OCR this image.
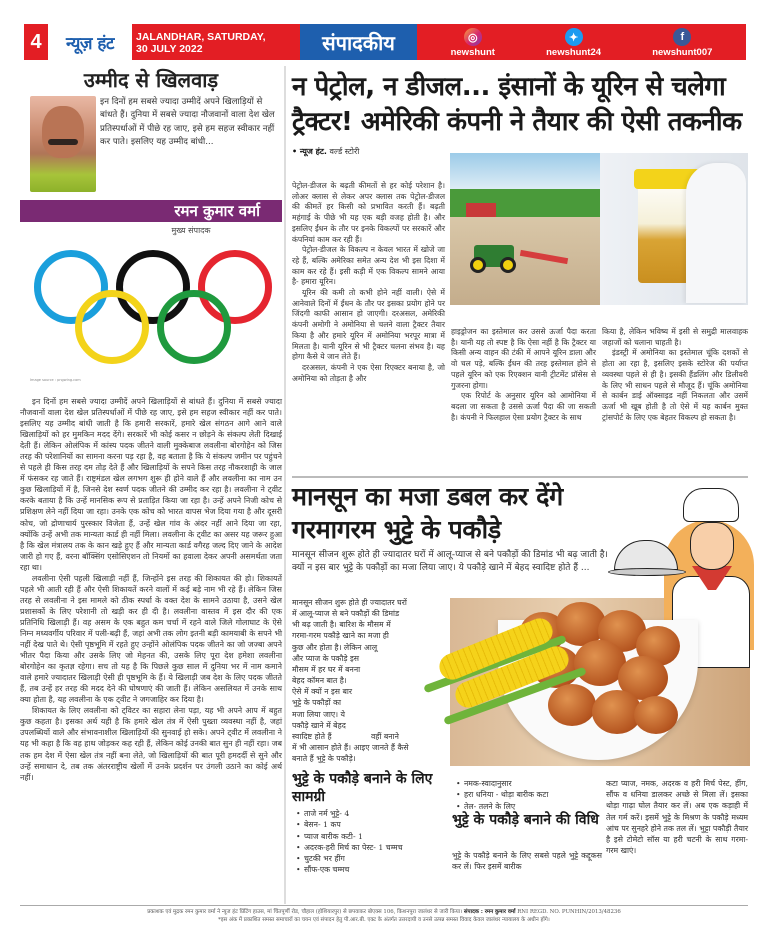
4	न्यूज़ हंट	JALANDHAR, SATURDAY,
30 JULY 2022	संपादकीय	◎
newshunt
✦
newshunt24
f
newshunt007
उम्मीद से खिलवाड़

इन दिनों हम सबसे ज्यादा उम्मीदें अपने खिलाड़ियों से बांधते हैं। दुनिया में सबसे ज्यादा नौजवानों वाला देश खेल प्रतिस्पर्धाओं में पीछे रह जाए, इसे हम सहज स्वीकार नहीं कर पाते। इसलिए यह उम्मीद बांधी...

रमन कुमार वर्मा
मुख्य संपादक
Image source : pngwing.com

इन दिनों हम सबसे ज्यादा उम्मीदें अपने खिलाड़ियों से बांधते हैं। दुनिया में सबसे ज्यादा नौजवानों वाला देश खेल प्रतिस्पर्धाओं में पीछे रह जाए, इसे हम सहज स्वीकार नहीं कर पाते। इसलिए यह उम्मीद बांधी जाती है कि हमारी सरकारें, हमारे खेल संगठन आगे आने वाले खिलाड़ियों को हर मुमकिन मदद देंगे। सरकारें भी कोई कसर न छोड़ने के संकल्प लेती दिखाई देती हैं। लेकिन ओलंपिक में कांस्य पदक जीतने वाली मुक्केबाज लवलीना बोरगोहेन को जिस तरह की परेशानियों का सामना करना पड़ रहा है, वह बताता है कि ये संकल्प जमीन पर पहुंचने से पहले ही किस तरह दम तोड़ देते हैं और खिलाड़ियों के सपने किस तरह नौकरशाही के जाल में फंसकर रह जाते हैं। राष्ट्रमंडल खेल लगभग शुरू ही होने वाले हैं और लवलीना का नाम उन कुछ खिलाड़ियों में है, जिनसे देश स्वर्ण पदक जीतने की उम्मीद कर रहा है। लवलीना ने ट्वीट करके बताया है कि उन्हें मानसिक रूप से प्रताड़ित किया जा रहा है। उन्हें अपने निजी कोच से प्रशिक्षण लेने नहीं दिया जा रहा। उनके एक कोच को भारत वापस भेज दिया गया है और दूसरी कोच, जो द्रोणाचार्य पुरस्कार विजेता हैं, उन्हें खेल गांव के अंदर नहीं आने दिया जा रहा, क्योंकि उन्हें अभी तक मान्यता कार्ड ही नहीं मिला। लवलीना के ट्वीट का असर यह जरूर हुआ है कि खेल मंत्रालय तक के कान खड़े हुए हैं और मान्यता कार्ड वगैरह जल्द दिए जाने के आदेश जारी हो गए हैं, वरना बॉक्सिंग एसोसिएशन तो नियमों का हवाला देकर अपनी असमर्थता जता रहा था।

लवलीना ऐसी पहली खिलाड़ी नहीं हैं, जिन्होंने इस तरह की शिकायत की हो। शिकायतें पहले भी आती रही हैं और ऐसी शिकायतें करने वालों में कई बड़े नाम भी रहे हैं। लेकिन जिस तरह से लवलीना ने इस मामले को ठीक स्पर्धा के वक्त देश के सामने उठाया है, उसने खेल प्रशासकों के लिए परेशानी तो खड़ी कर ही दी है। लवलीना वास्तव में इस दौर की एक प्रतिनिधि खिलाड़ी हैं। वह असम के एक बहुत कम चर्चा में रहने वाले जिले गोलाघाट के ऐसे निम्न मध्यवर्गीय परिवार में पली-बढ़ी हैं, जहां अभी तक लोग इतनी बड़ी कामयाबी के सपने भी नहीं देख पाते थे। ऐसी पृष्ठभूमि में रहते हुए उन्होंने ओलंपिक पदक जीतने का जो जज्बा अपने भीतर पैदा किया और उसके लिए जो मेहनत की, उसके लिए पूरा देश हमेशा लवलीना बोरगोहेन का कृतज्ञ रहेगा। सच तो यह है कि पिछले कुछ साल में दुनिया भर में नाम कमाने वाले हमारे ज्यादातर खिलाड़ी ऐसी ही पृष्ठभूमि के हैं। ये खिलाड़ी जब देश के लिए पदक जीतते हैं, तब उन्हें हर तरह की मदद देने की घोषणाएं की जाती हैं। लेकिन असलियत में उनके साथ क्या होता है, यह लवलीना के एक ट्वीट ने जगजाहिर कर दिया है।

शिकायत के लिए लवलीना को ट्विटर का सहारा लेना पड़ा, यह भी अपने आप में बहुत कुछ कहता है। इसका अर्थ यही है कि हमारे खेल तंत्र में ऐसी पुख्ता व्यवस्था नहीं है, जहां उपलब्धियों वाले और संभावनाशील खिलाड़ियों की सुनवाई हो सके। अपने ट्वीट में लवलीना ने यह भी कहा है कि वह हाथ जोड़कर कह रही हैं, लेकिन कोई उनकी बात सुन ही नहीं रहा। जब तक हम देश में ऐसा खेल तंत्र नहीं बना लेते, जो खिलाड़ियों की बात पूरी हमदर्दी से सुने और उन्हें समाधान दे, तब तक अंतरराष्ट्रीय खेलों में उनके प्रदर्शन पर उंगली उठाने का कोई अर्थ नहीं।

न पेट्रोल, न डीजल... इंसानों के यूरिन से चलेगा ट्रैक्टर! अमेरिकी कंपनी ने तैयार की ऐसी तकनीक
• न्यूज हंट. वर्ल्ड स्टोरी

पेट्रोल-डीजल के बढ़ती कीमतों से हर कोई परेशान है। लोअर क्लास से लेकर अपर क्लास तक पेट्रोल-डीजल की कीमतें हर किसी को प्रभावित करती हैं। बढ़ती महंगाई के पीछे भी यह एक बड़ी वजह होती है। और इसलिए ईंधन के तौर पर इनके विकल्पों पर सरकारें और कंपनियां काम कर रही हैं।

पेट्रोल-डीजल के विकल्प न केवल भारत में खोजे जा रहे हैं, बल्कि अमेरिका समेत अन्य देश भी इस दिशा में काम कर रहे हैं। इसी कड़ी में एक विकल्प सामने आया है- हमारा यूरिन।

यूरिन की कमी तो कभी होने नहीं वाली। ऐसे में आनेवाले दिनों में ईंधन के तौर पर इसका प्रयोग होने पर जिंदगी काफी आसान हो जाएगी। दरअसल, अमेरिकी कंपनी अमोगी ने अमोनिया से चलने वाला ट्रैक्टर तैयार किया है और हमारे यूरिन में अमोनिया भरपूर मात्रा में मिलता है। यानी यूरिन से भी ट्रैक्टर चलना संभव है। यह होगा कैसे ये जान लेते हैं।

दरअसल, कंपनी ने एक ऐसा रिएक्टर बनाया है, जो अमोनिया को तोड़ता है और

हाइड्रोजन का इस्तेमाल कर उससे ऊर्जा पैदा करता है। यानी यह तो स्पष्ट है कि ऐसा नहीं है कि ट्रैक्टर या किसी अन्य वाहन की टंकी में आपने यूरिन डाला और वो चल पड़े, बल्कि ईंधन की तरह इस्तेमाल होने से पहले यूरिन को एक रिएक्शन यानी ट्रीटमेंट प्रॉसेस से गुजरना होगा।

एक रिपोर्ट के अनुसार यूरिन को आमोनिया में बदला जा सकता है उससे ऊर्जा पैदा की जा सकती है। कंपनी ने फिलहाल ऐसा प्रयोग ट्रैक्टर के साथ

किया है, लेकिन भविष्य में इसी से समुद्री मालवाहक जहाजों को चलाना चाहती है।

इंडस्ट्री में अमोनिया का इस्तेमाल चूंकि दशकों से होता आ रहा है, इसलिए इसके स्टोरेज की पर्याप्त व्यवस्था पहले से ही है। इसकी हैंडलिंग और डिलीवरी के लिए भी साधन पहले से मौजूद हैं। चूंकि अमोनिया से कार्बन डाई ऑक्साइड नहीं निकलता और उसमें ऊर्जा भी खूब होती है तो ऐसे में यह कार्बन मुक्त ट्रांसपोर्ट के लिए एक बेहतर विकल्प हो सकता है।

मानसून का मजा डबल कर देंगे
गरमागरम भुट्टे के पकौड़े

मानसून सीजन शुरू होते ही ज्यादातर घरों में आलू-प्याज से बने पकौड़ों की डिमांड भी बढ़ जाती है। क्यों न इस बार भुट्टे के पकौड़ों का मजा लिया जाए। ये पकौड़े खाने में बेहद स्वादिष्ट होते हैं ...

मानसून सीजन शुरू होते ही ज्यादातर घरों
में आलू-प्याज से बने पकौड़ों की डिमांड
भी बढ़ जाती है। बारिश के मौसम में
गरमा-गरम पकौड़े खाने का मजा ही
कुछ और होता है। लेकिन आलू
और प्याज के पकौड़े इस
मौसम में हर घर में बनना
बेहद कॉमन बात है।
ऐसे में क्यों न इस बार
भुट्टे के पकौड़ों का
मजा लिया जाए। ये
पकौड़े खाने में बेहद
स्वादिष्ट होते हैं                वहीं बनाने
में भी आसान होते हैं। आइए जानते हैं कैसे
बनाते हैं भुट्टे के पकौड़े।
भुट्टे के पकौड़े बनाने के लिए सामग्री
• ताजे नर्म भुट्टे- 4
• बेसन- 1 कप
• प्याज बारीक कटी- 1
• अदरक-हरी मिर्च का पेस्ट- 1 चम्मच
• चुटकी भर हींग
• सौंफ-एक चम्मच
• नमक-स्वादानुसार
• हरा धनिया - थोड़ा बारीक कटा
• तेल- तलने के लिए
भुट्टे के पकौड़े बनाने की विधि

भुट्टे के पकौड़े बनाने के लिए सबसे पहले भुट्टे कद्दूकस कर लें। फिर इसमें बारीक

कटा प्याज, नमक, अदरक व हरी मिर्च पेस्ट, हींग, सौंफ व धनिया डालकर अच्छे से मिला लें। इसका थोड़ा गाढ़ा घोल तैयार कर लें। अब एक कड़ाही में तेल गर्म करें। इसमें भुट्टे के मिश्रण के पकौड़े मध्यम आंच पर सुनहरे होने तक तल लें। भुट्टा पकौड़ी तैयार है इसे टोमेटो सॉस या हरी चटनी के साथ गरमा-गरम खाएं।

प्रकाशक एवं मुद्रक रमन कुमार वर्मा ने न्यूज हंट प्रिंटिंग हाउस, मां चिंतपूर्णी रोड, चौहाल (होशियारपुर) से छपवाकर बोएक्स 106, किशनपुरा जालंधर से जारी किया। संपादक : रमन कुमार वर्मा RNI REGD. NO. PUNHIN/2013/48236
*इस अंक में प्रकाशित समस्त समाचारों का चयन एवं संपादन हेतु पी.आर.बी. एक्ट के अंतर्गत उत्तरदायी व उनसे उत्पन्न समस्त विवाद केवल जालंधर न्यायालय के अधीन होंगे।
